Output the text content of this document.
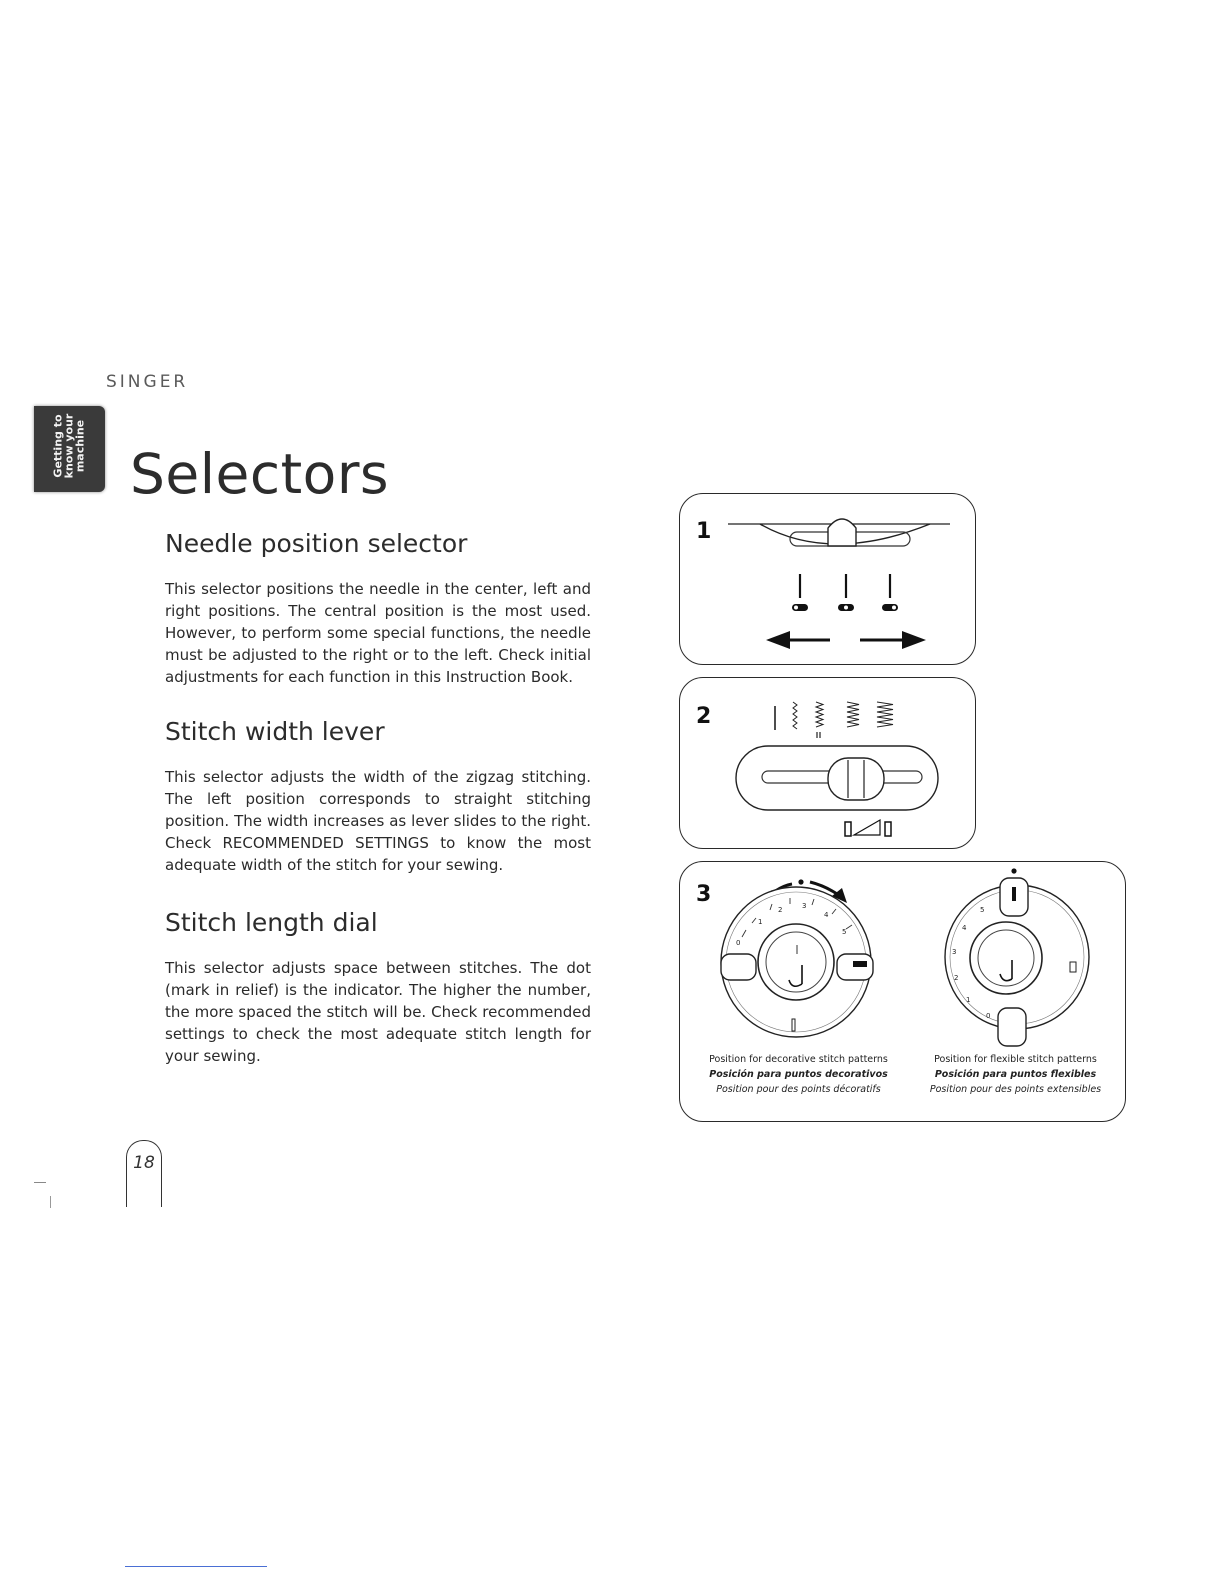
SINGER
Getting to
know your
machine Selectors
Needle position selector

This selector positions the needle in the center, left and right positions. The central position is the most used. However, to perform some special functions, the needle must be adjusted to the right or to the left. Check initial adjustments for each function in this Instruction Book.

Stitch width lever

This selector adjusts the width of the zigzag stitching. The left position corresponds to straight stitching position. The width increases as lever slides to the right. Check RECOMMENDED SETTINGS to know the most adequate width of the stitch for your sewing.

Stitch length dial

This selector adjusts space between stitches. The dot (mark in relief) is the indicator. The higher the number, the more spaced the stitch will be. Check recommended settings to check the most adequate stitch length for your sewing.

1
2
3
0
1
2	3
4
5
5
4
3
2
1
0
Position for decorative stitch patterns
Posición para puntos decorativos
Position pour des points décoratifs
Position for flexible stitch patterns
Posición para puntos flexibles
Position pour des points extensibles
18
